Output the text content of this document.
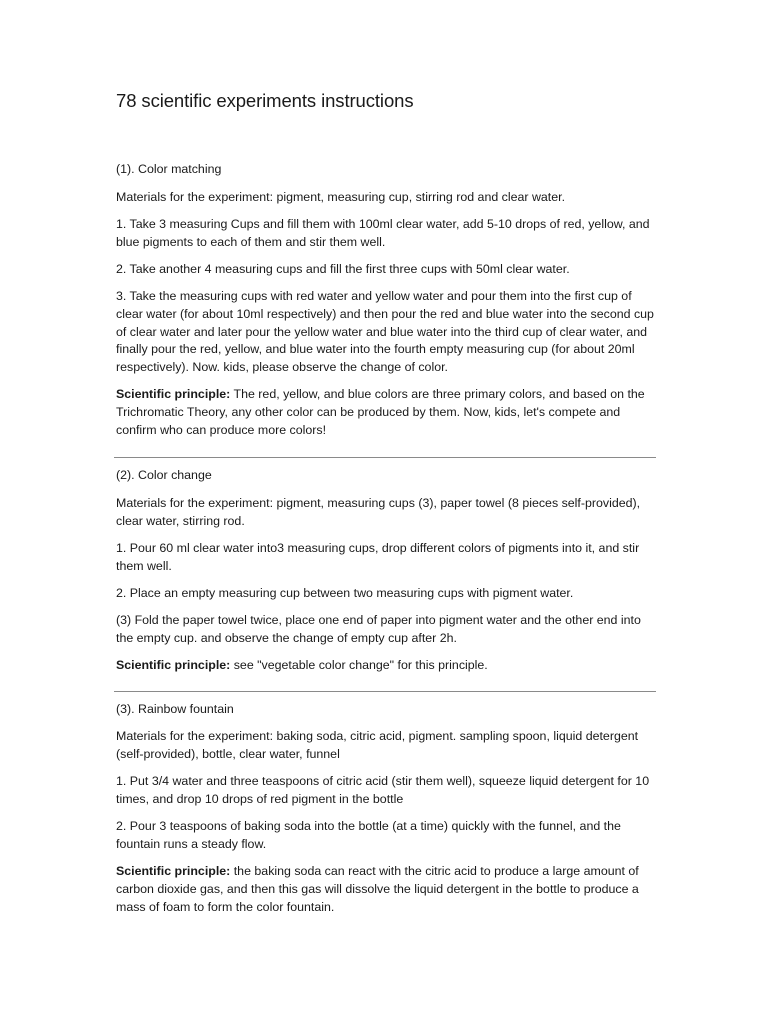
78 scientific experiments instructions

(1). Color matching

Materials for the experiment: pigment, measuring cup, stirring rod and clear water.

1. Take 3 measuring Cups and fill them with 100ml clear water, add 5-10 drops of red, yellow, and blue pigments to each of them and stir them well.

2. Take another 4 measuring cups and fill the first three cups with 50ml clear water.

3. Take the measuring cups with red water and yellow water and pour them into the first cup of clear water (for about 10ml respectively) and then pour the red and blue water into the second cup of clear water and later pour the yellow water and blue water into the third cup of clear water, and finally pour the red, yellow, and blue water into the fourth empty measuring cup (for about 20ml respectively). Now. kids, please observe the change of color.

Scientific principle: The red, yellow, and blue colors are three primary colors, and based on the Trichromatic Theory, any other color can be produced by them. Now, kids, let's compete and confirm who can produce more colors!

(2). Color change

Materials for the experiment: pigment, measuring cups (3), paper towel (8 pieces self-provided), clear water, stirring rod.

1. Pour 60 ml clear water into3 measuring cups, drop different colors of pigments into it, and stir them well.

2. Place an empty measuring cup between two measuring cups with pigment water.

(3) Fold the paper towel twice, place one end of paper into pigment water and the other end into the empty cup. and observe the change of empty cup after 2h.

Scientific principle: see "vegetable color change" for this principle.

(3). Rainbow fountain

Materials for the experiment: baking soda, citric acid, pigment. sampling spoon, liquid detergent (self-provided), bottle, clear water, funnel

1. Put 3/4 water and three teaspoons of citric acid (stir them well), squeeze liquid detergent for 10 times, and drop 10 drops of red pigment in the bottle

2. Pour 3 teaspoons of baking soda into the bottle (at a time) quickly with the funnel, and the fountain runs a steady flow.

Scientific principle: the baking soda can react with the citric acid to produce a large amount of carbon dioxide gas, and then this gas will dissolve the liquid detergent in the bottle to produce a mass of foam to form the color fountain.
